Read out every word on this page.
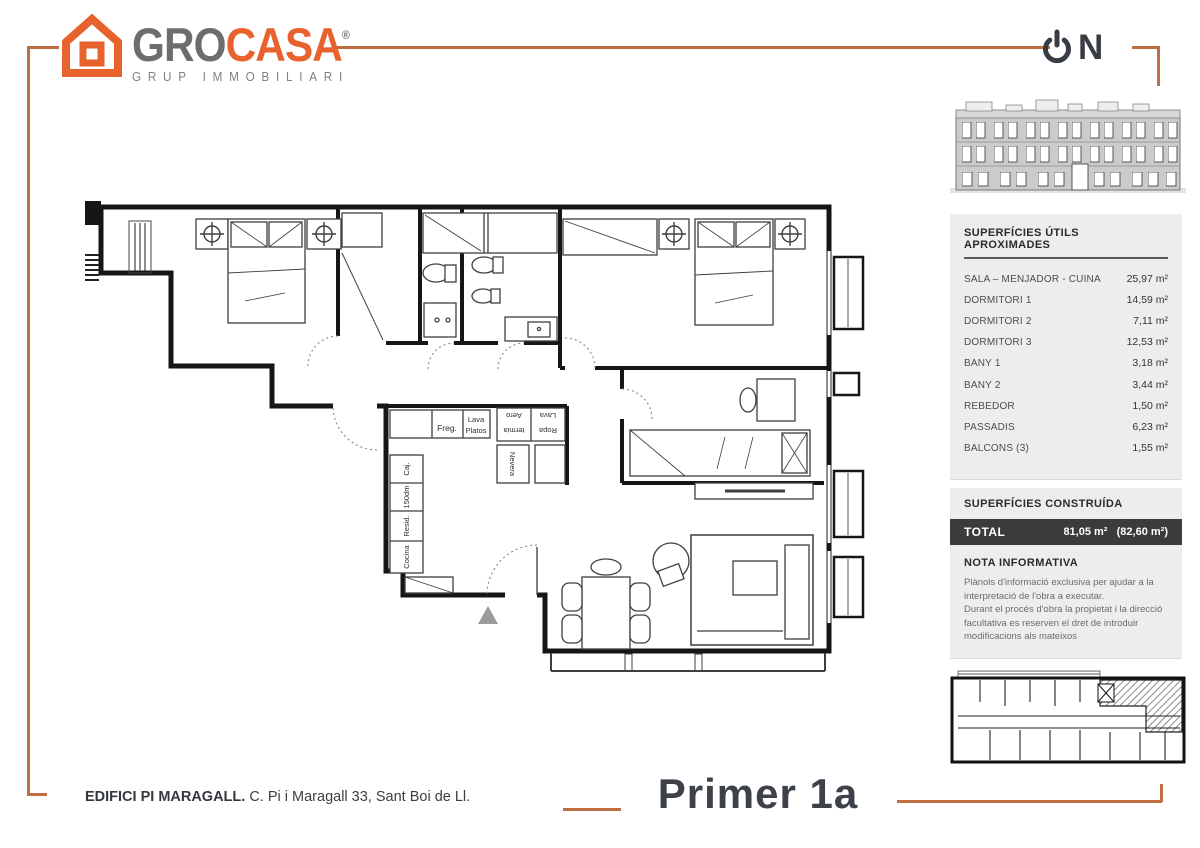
GROCASA®
GRUP IMMOBILIARI
N
SUPERFÍCIES ÚTILS APROXIMADES
SALA – MENJADOR - CUINA 25,97 m²
DORMITORI 1	14,59 m²
DORMITORI 2	7,11 m²
DORMITORI 3	12,53 m²
BANY 1	3,18 m²
BANY 2	3,44 m²
REBEDOR	1,50 m²
PASSADIS	6,23 m²
BALCONS (3)	1,55 m²
SUPERFÍCIES CONSTRUÍDA
TOTAL	81,05 m² (82,60 m²)
NOTA INFORMATIVA
Plànols d'informació exclusiva per ajudar a la
interpretació de l'obra a executar.
Durant el procés d'obra la propietat i la direcció
facultativa es reserven el dret de introduir
modificacions als mateixos
Freg.
Lava
Platos
Aero
termia
Lava
Ropa
Nevera
Caj.
150dm
Resid.
Cocina
EDIFICI PI MARAGALL. C. Pi i Maragall 33, Sant Boi de Ll.	Primer 1a
